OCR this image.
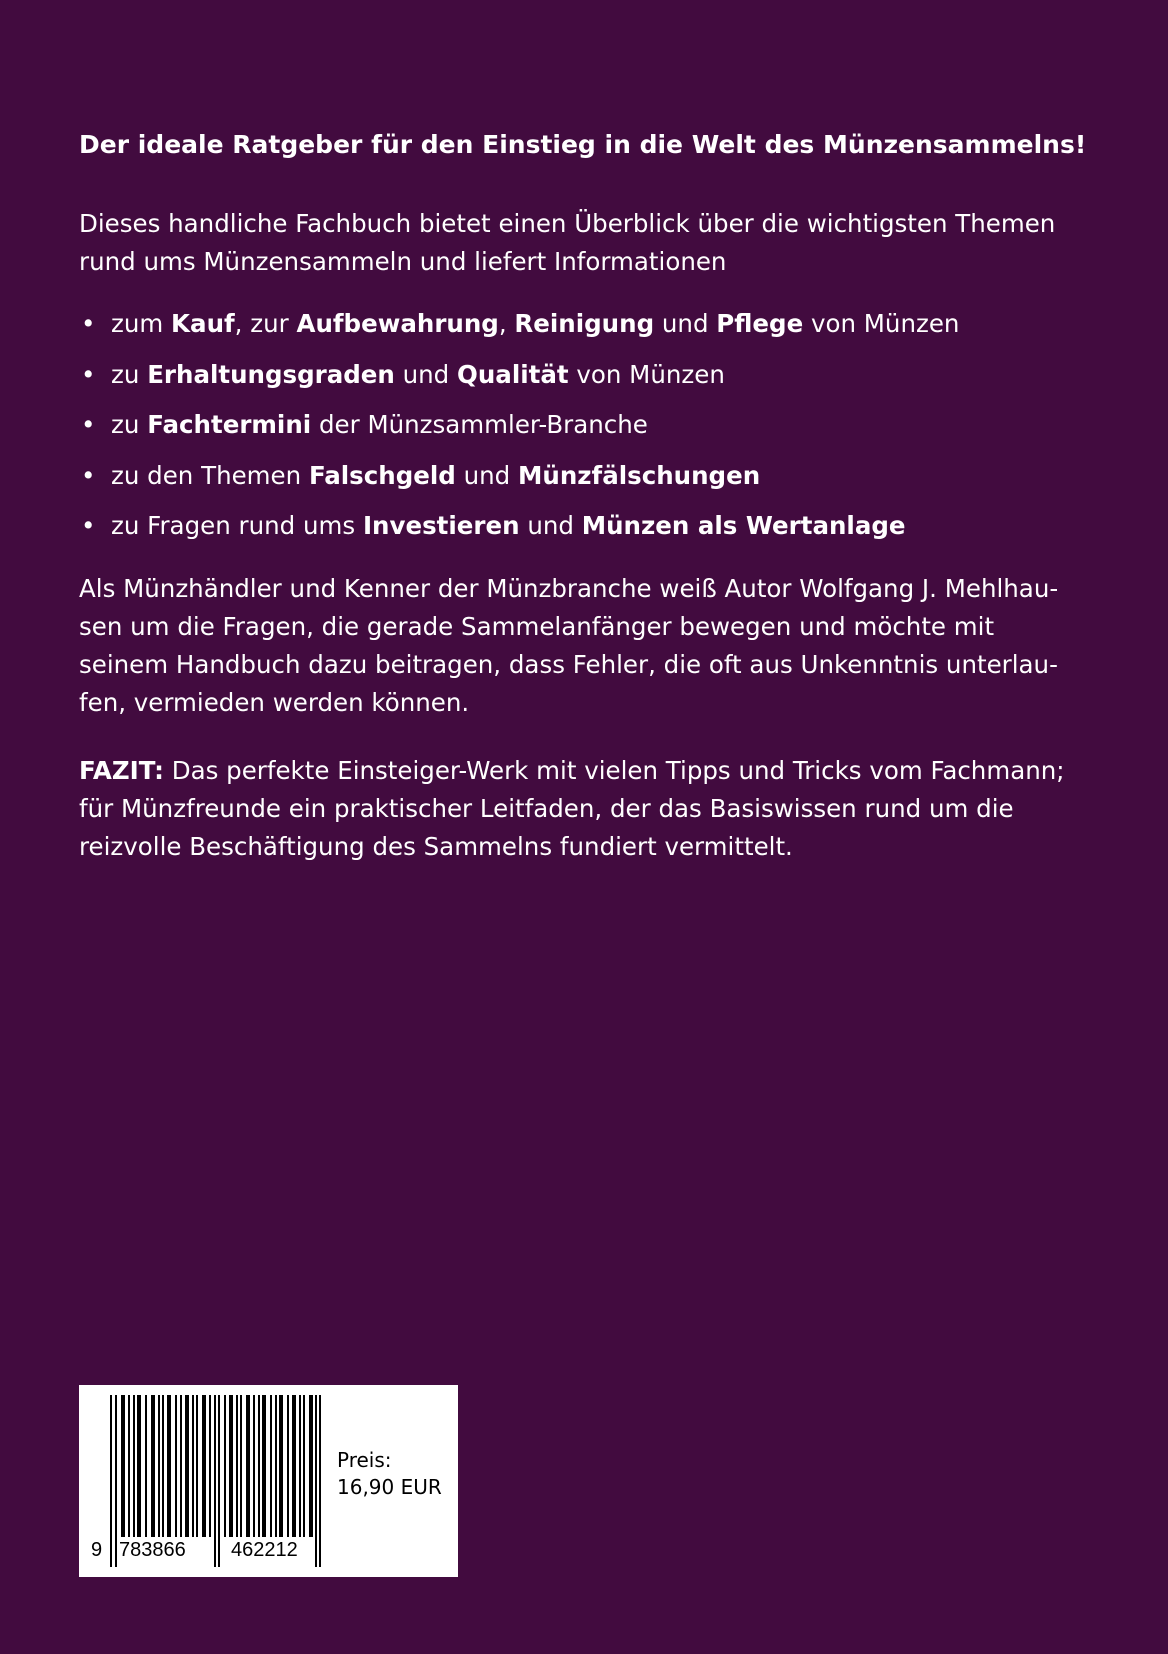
Der ideale Ratgeber für den Einstieg in die Welt des Münzensammelns!
Dieses handliche Fachbuch bietet einen Überblick über die wichtigsten Themen
rund ums Münzensammeln und liefert Informationen
• zum Kauf, zur Aufbewahrung, Reinigung und Pflege von Münzen
• zu Erhaltungsgraden und Qualität von Münzen
• zu Fachtermini der Münzsammler-Branche
• zu den Themen Falschgeld und Münzfälschungen
• zu Fragen rund ums Investieren und Münzen als Wertanlage
Als Münzhändler und Kenner der Münzbranche weiß Autor Wolfgang J. Mehlhau-
sen um die Fragen, die gerade Sammelanfänger bewegen und möchte mit
seinem Handbuch dazu beitragen, dass Fehler, die oft aus Unkenntnis unterlau-
fen, vermieden werden können.
FAZIT: Das perfekte Einsteiger-Werk mit vielen Tipps und Tricks vom Fachmann;
für Münzfreunde ein praktischer Leitfaden, der das Basiswissen rund um die
reizvolle Beschäftigung des Sammelns fundiert vermittelt.
9 783866 462212
Preis:
16,90 EUR
